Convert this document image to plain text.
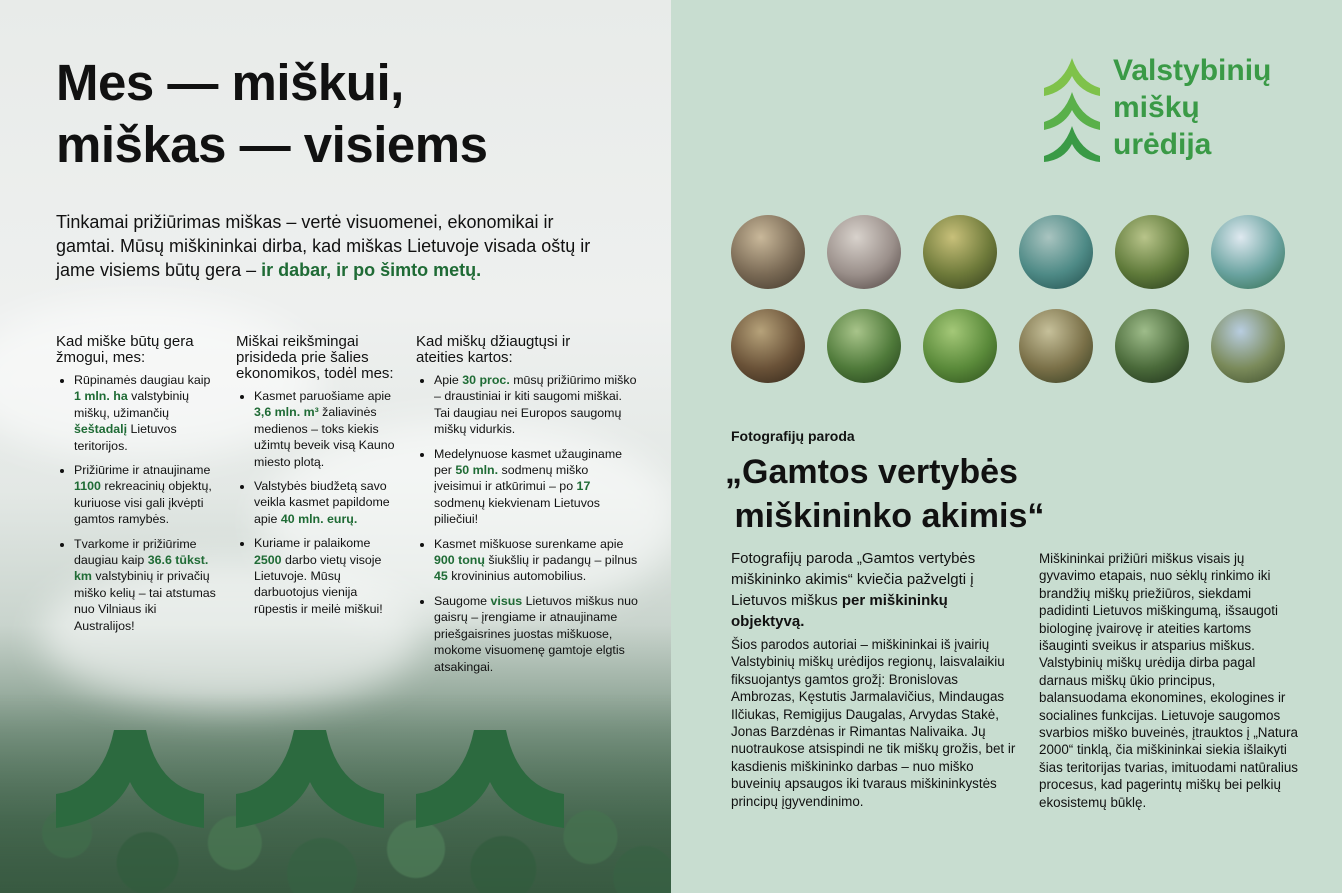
Mes — miškui,
miškas — visiems

Tinkamai prižiūrimas miškas – vertė visuomenei, ekonomikai ir gamtai. Mūsų miškininkai dirba, kad miškas Lietuvoje visada oštų ir jame visiems būtų gera – ir dabar, ir po šimto metų.

Kad miške būtų gera žmogui, mes:
• Rūpinamės daugiau kaip 1 mln. ha valstybinių miškų, užimančių šeštadalį Lietuvos teritorijos.
• Prižiūrime ir atnaujiname 1100 rekreacinių objektų, kuriuose visi gali įkvėpti gamtos ramybės.
• Tvarkome ir prižiūrime daugiau kaip 36.6 tūkst. km valstybinių ir privačių miško kelių – tai atstumas nuo Vilniaus iki Australijos!
Miškai reikšmingai prisideda prie šalies ekonomikos, todėl mes:
• Kasmet paruošiame apie 3,6 mln. m³ žaliavinės medienos – toks kiekis užimtų beveik visą Kauno miesto plotą.
• Valstybės biudžetą savo veikla kasmet papildome apie 40 mln. eurų.
• Kuriame ir palaikome 2500 darbo vietų visoje Lietuvoje. Mūsų darbuotojus vienija rūpestis ir meilė miškui!
Kad miškų džiaugtųsi ir ateities kartos:
• Apie 30 proc. mūsų prižiūrimo miško – draustiniai ir kiti saugomi miškai. Tai daugiau nei Europos saugomų miškų vidurkis.
• Medelynuose kasmet užauginame per 50 mln. sodmenų miško įveisimui ir atkūrimui – po 17 sodmenų kiekvienam Lietuvos piliečiui!
• Kasmet miškuose surenkame apie 900 tonų šiukšlių ir padangų – pilnus 45 krovininius automobilius.
• Saugome visus Lietuvos miškus nuo gaisrų – įrengiame ir atnaujiname priešgaisrines juostas miškuose, mokome visuomenę gamtoje elgtis atsakingai.
Valstybinių
miškų
urėdija

Fotografijų paroda

„Gamtos vertybės
miškininko akimis“

Fotografijų paroda „Gamtos vertybės miškininko akimis“ kviečia pažvelgti į Lietuvos miškus per miškininkų objektyvą.

Šios parodos autoriai – miškininkai iš įvairių Valstybinių miškų urėdijos regionų, laisvalaikiu fiksuojantys gamtos grožį: Bronislovas Ambrozas, Kęstutis Jarmalavičius, Mindaugas Ilčiukas, Remigijus Daugalas, Arvydas Stakė, Jonas Barzdėnas ir Rimantas Nalivaika. Jų nuotraukose atsispindi ne tik miškų grožis, bet ir kasdienis miškininko darbas – nuo miško buveinių apsaugos iki tvaraus miškininkystės principų įgyvendinimo.

Miškininkai prižiūri miškus visais jų gyvavimo etapais, nuo sėklų rinkimo iki brandžių miškų priežiūros, siekdami padidinti Lietuvos miškingumą, išsaugoti biologinę įvairovę ir ateities kartoms išauginti sveikus ir atsparius miškus. Valstybinių miškų urėdija dirba pagal darnaus miškų ūkio principus, balansuodama ekonomines, ekologines ir socialines funkcijas. Lietuvoje saugomos svarbios miško buveinės, įtrauktos į „Natura 2000“ tinklą, čia miškininkai siekia išlaikyti šias teritorijas tvarias, imituodami natūralius procesus, kad pagerintų miškų bei pelkių ekosistemų būklę.
